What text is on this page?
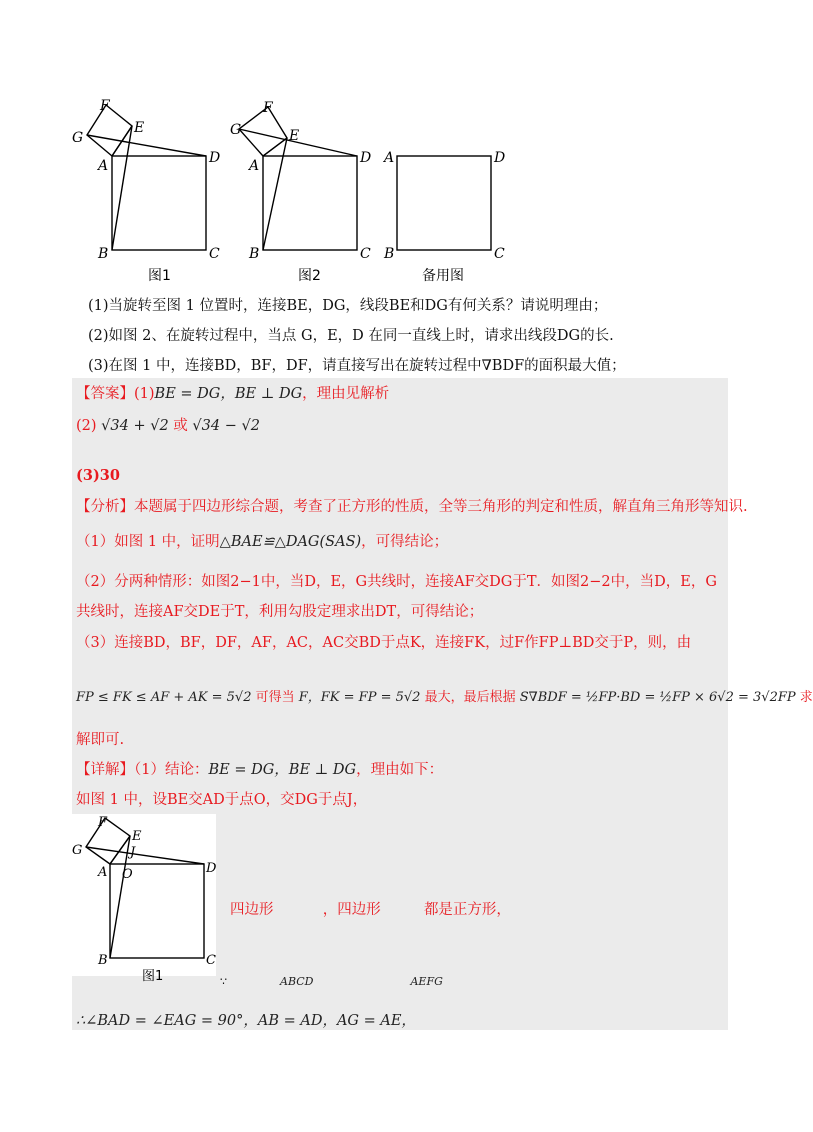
F
G
E
A	D
B	C
F
G	E
A	D
B	C
A	D
B	C
图1	图2	备用图
(1)当旋转至图 1 位置时，连接BE，DG，线段BE和DG有何关系？请说明理由；
(2)如图 2、在旋转过程中，当点 G，E，D 在同一直线上时，请求出线段DG的长.
(3)在图 1 中，连接BD，BF，DF，请直接写出在旋转过程中∇BDF的面积最大值；
【答案】(1)BE = DG，BE ⊥ DG，理由见解析
(2) √34 + √2 或 √34 − √2
(3)30
【分析】本题属于四边形综合题，考查了正方形的性质，全等三角形的判定和性质，解直角三角形等知识.
（1）如图 1 中，证明△BAE≌△DAG(SAS)，可得结论；
（2）分两种情形：如图2−1中，当D，E，G共线时，连接AF交DG于T．如图2−2中，当D，E，G
共线时，连接AF交DE于T，利用勾股定理求出DT，可得结论；
（3）连接BD，BF，DF，AF，AC，AC交BD于点K，连接FK，过F作FP⊥BD交于P，则，由
FP ≤ FK ≤ AF + AK = 5√2 可得当 F，FK = FP = 5√2 最大，最后根据 S∇BDF = ½FP·BD = ½FP × 6√2 = 3√2FP 求
解即可.
【详解】（1）结论：BE = DG，BE ⊥ DG，理由如下：
如图 1 中，设BE交AD于点O，交DG于点J，
F
G
E
J
A O	D
B	C
图1
四边形	，四边形	都是正方形，
∵	ABCD	AEFG
∴∠BAD = ∠EAG = 90°，AB = AD，AG = AE，
